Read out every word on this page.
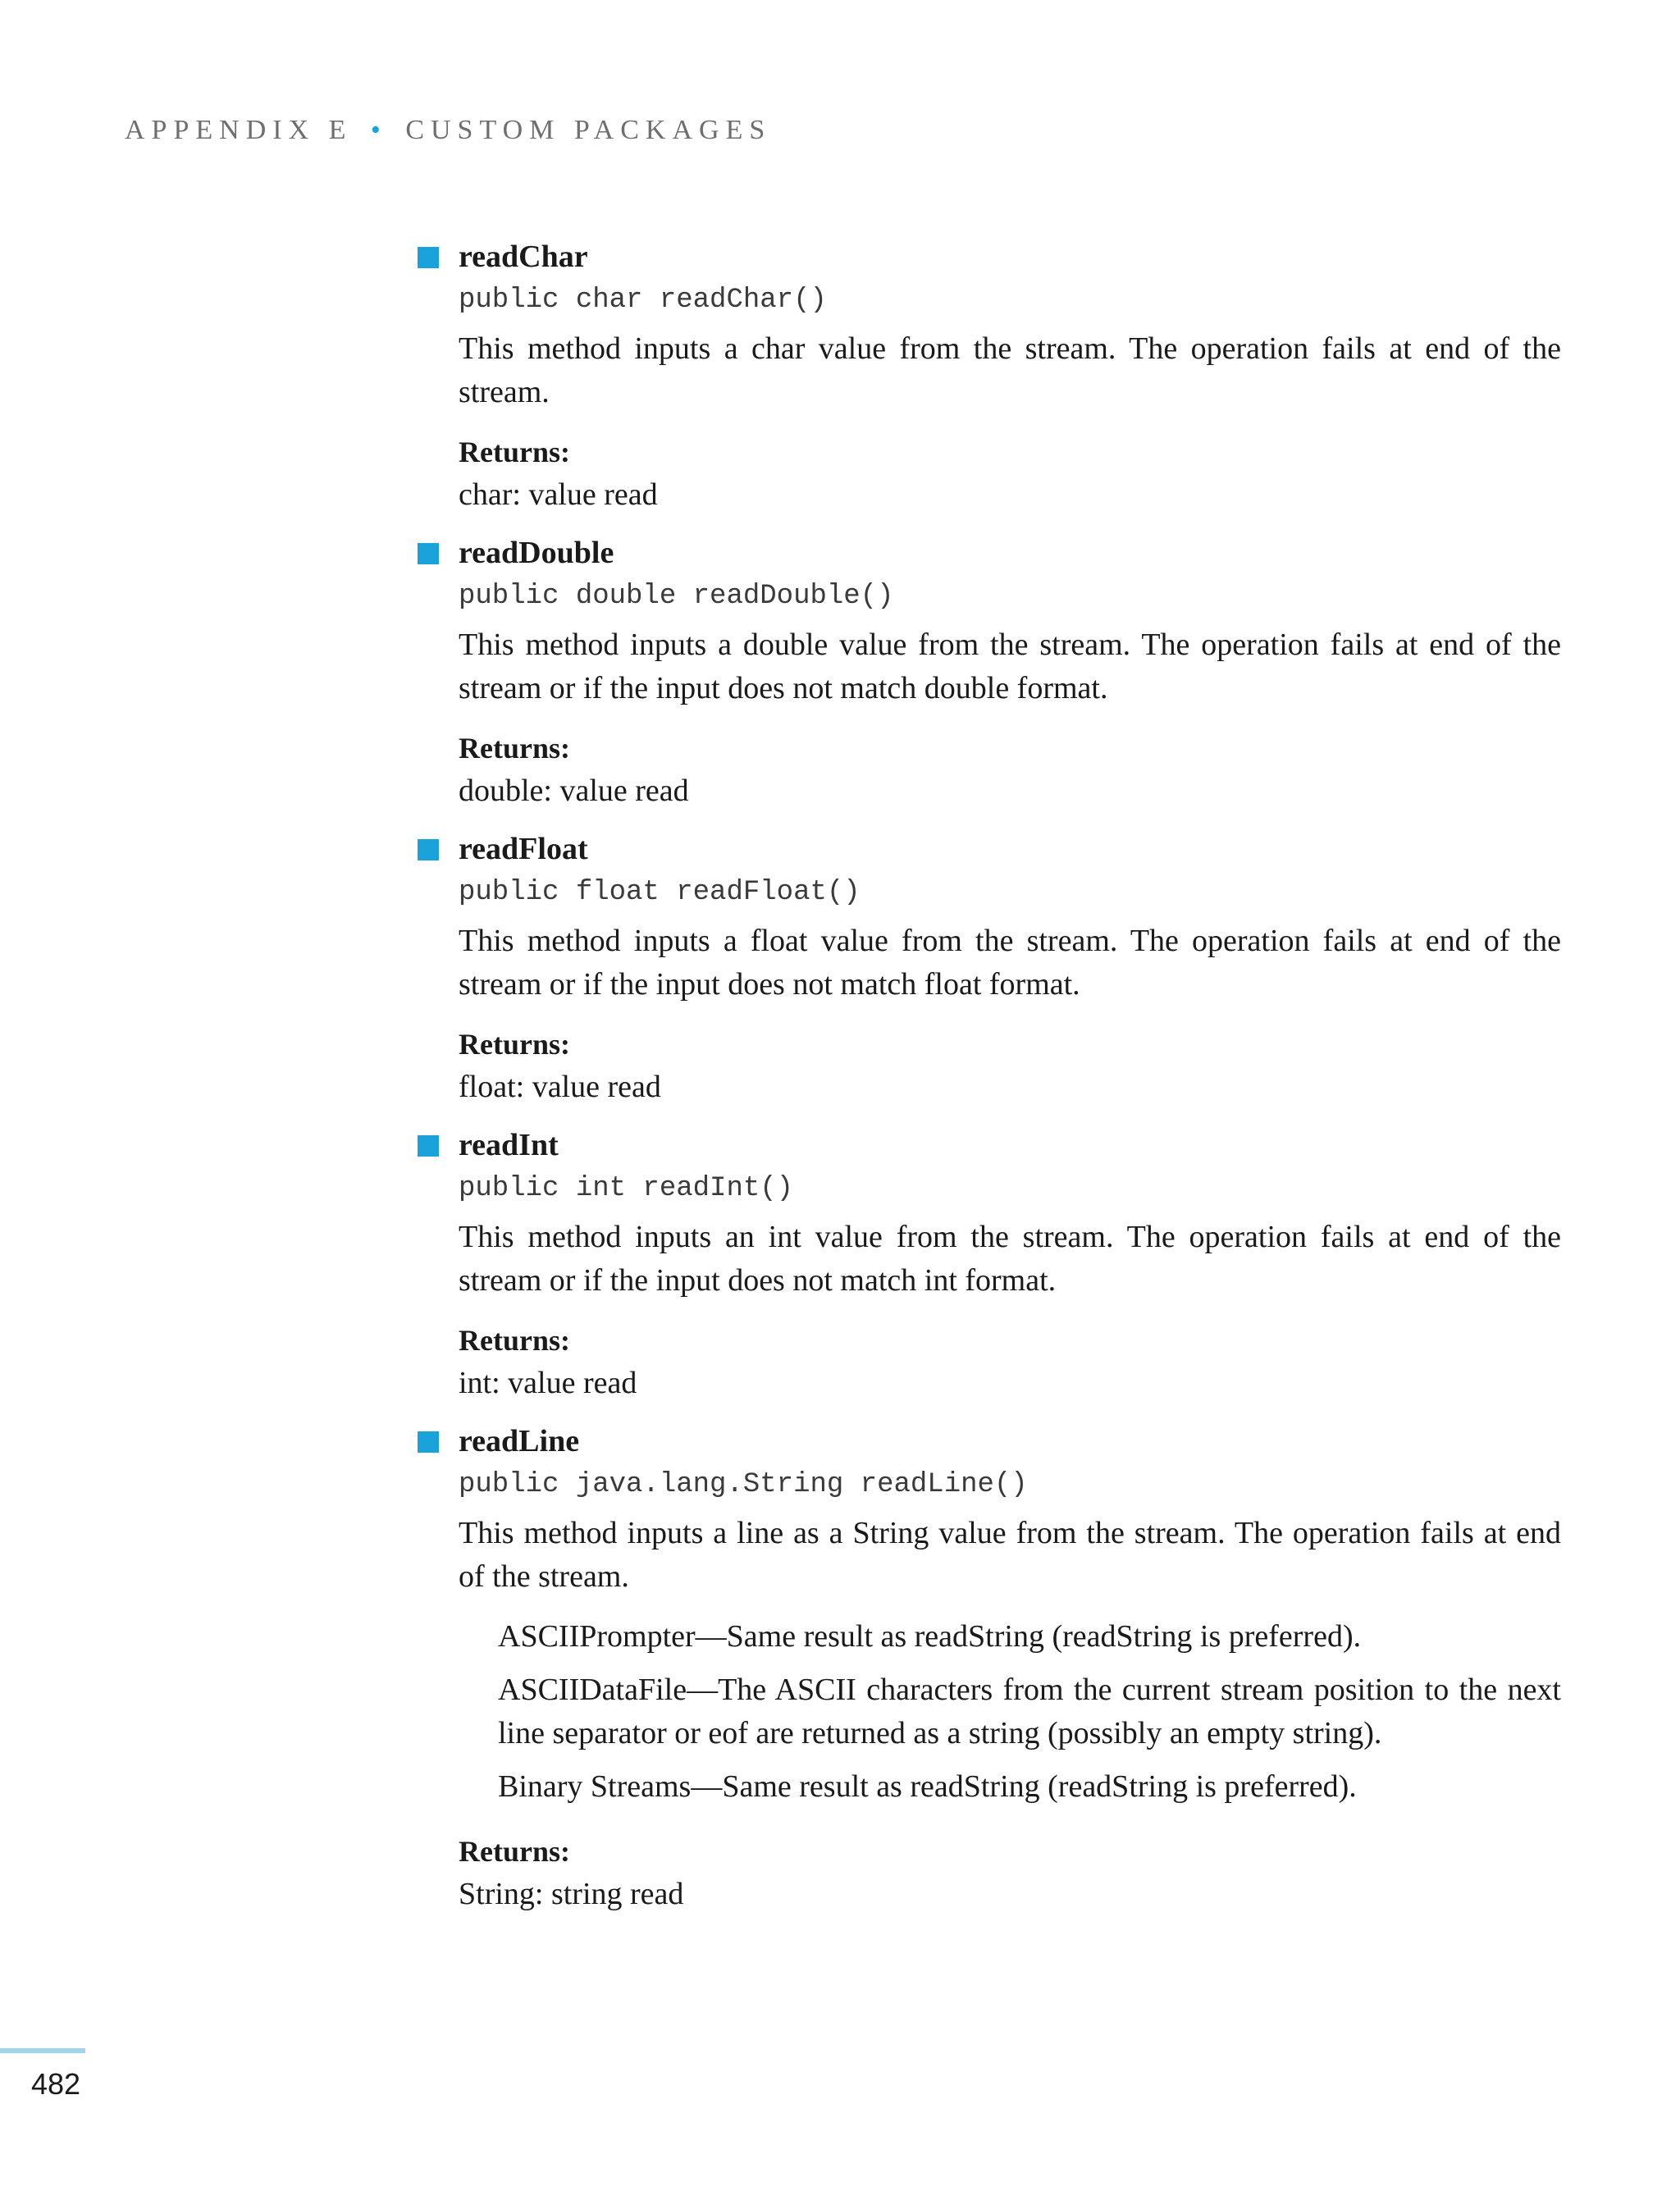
APPENDIX E • CUSTOM PACKAGES
readChar
public char readChar()

This method inputs a char value from the stream. The operation fails at end of the stream.

Returns:
char: value read
readDouble
public double readDouble()

This method inputs a double value from the stream. The operation fails at end of the stream or if the input does not match double format.

Returns:
double: value read
readFloat
public float readFloat()

This method inputs a float value from the stream. The operation fails at end of the stream or if the input does not match float format.

Returns:
float: value read
readInt
public int readInt()

This method inputs an int value from the stream. The operation fails at end of the stream or if the input does not match int format.

Returns:
int: value read
readLine
public java.lang.String readLine()

This method inputs a line as a String value from the stream. The operation fails at end of the stream.

ASCIIPrompter—Same result as readString (readString is preferred).

ASCIIDataFile—The ASCII characters from the current stream position to the next line separator or eof are returned as a string (possibly an empty string).

Binary Streams—Same result as readString (readString is preferred).

Returns:
String: string read
482
